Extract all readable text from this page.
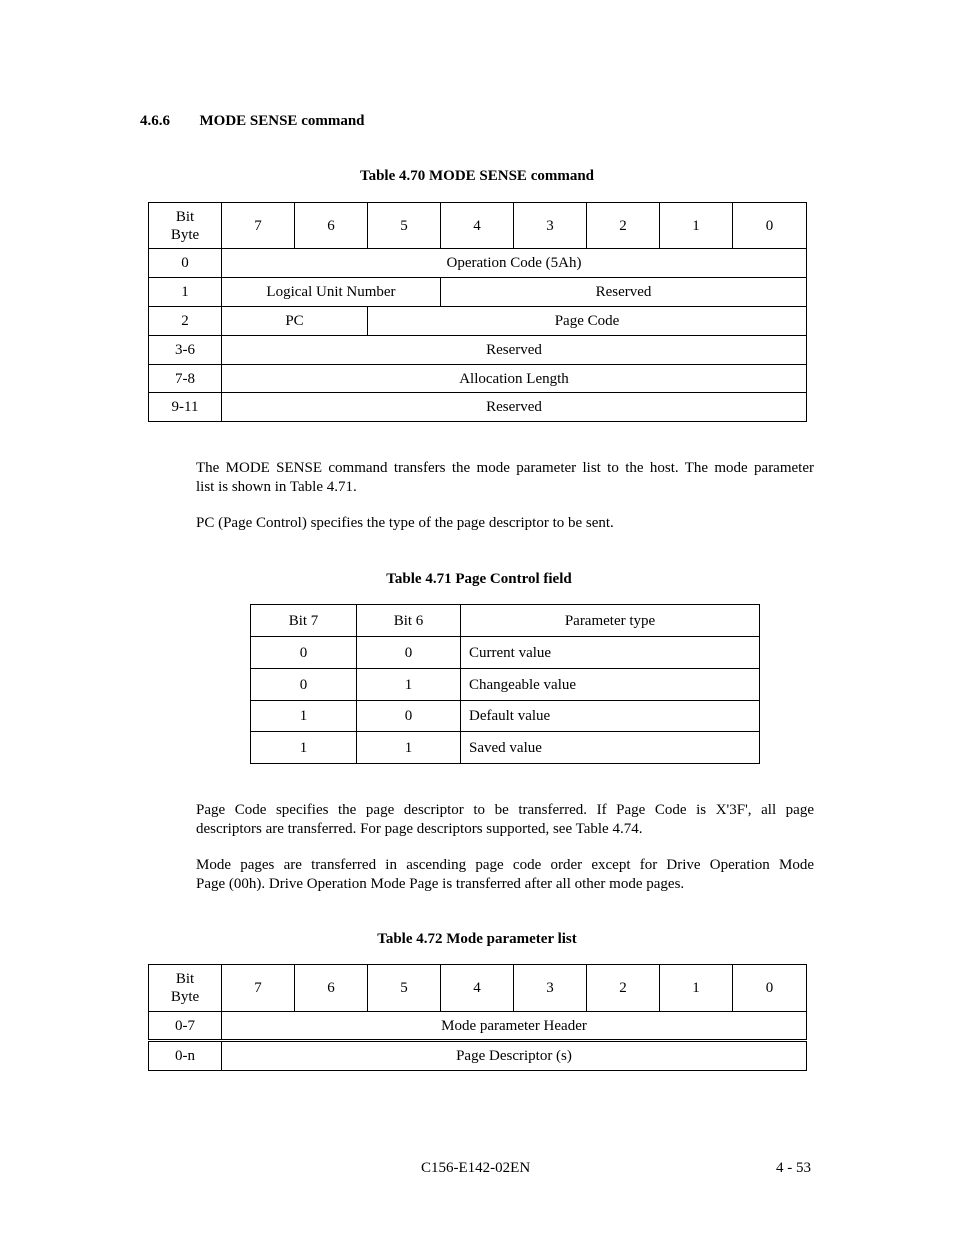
4.6.6 MODE SENSE command
Table 4.70 MODE SENSE command
Bit
Byte	7	6	5	4	3	2	1	0
0	Operation Code (5Ah)							
1	Logical Unit Number			Reserved				
2	PC		Page Code					
3-6	Reserved							
7-8	Allocation Length							
9-11	Reserved							
The MODE SENSE command transfers the mode parameter list to the host. The mode parameter
list is shown in Table 4.71.
PC (Page Control) specifies the type of the page descriptor to be sent.
Table 4.71 Page Control field
Bit 7	Bit 6	Parameter type
0	0	Current value
0	1	Changeable value
1	0	Default value
1	1	Saved value
Page Code specifies the page descriptor to be transferred. If Page Code is X'3F', all page
descriptors are transferred. For page descriptors supported, see Table 4.74.
Mode pages are transferred in ascending page code order except for Drive Operation Mode
Page (00h). Drive Operation Mode Page is transferred after all other mode pages.
Table 4.72 Mode parameter list
Bit
Byte	7	6	5	4	3	2	1	0
0-7	Mode parameter Header							
0-n	Page Descriptor (s)							
C156-E142-02EN	4 - 53
